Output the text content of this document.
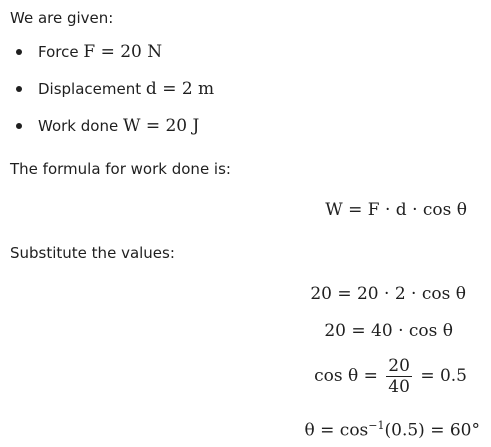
We are given:
Force F = 20 N
Displacement d = 2 m
Work done W = 20 J
The formula for work done is:
W = F · d · cos θ
Substitute the values:
20 = 20 · 2 · cos θ
20 = 40 · cos θ
$\cos \theta = \frac{20}{40} = 0.5$
$\theta = \cos^{-1}(0.5) = 60^\circ$
